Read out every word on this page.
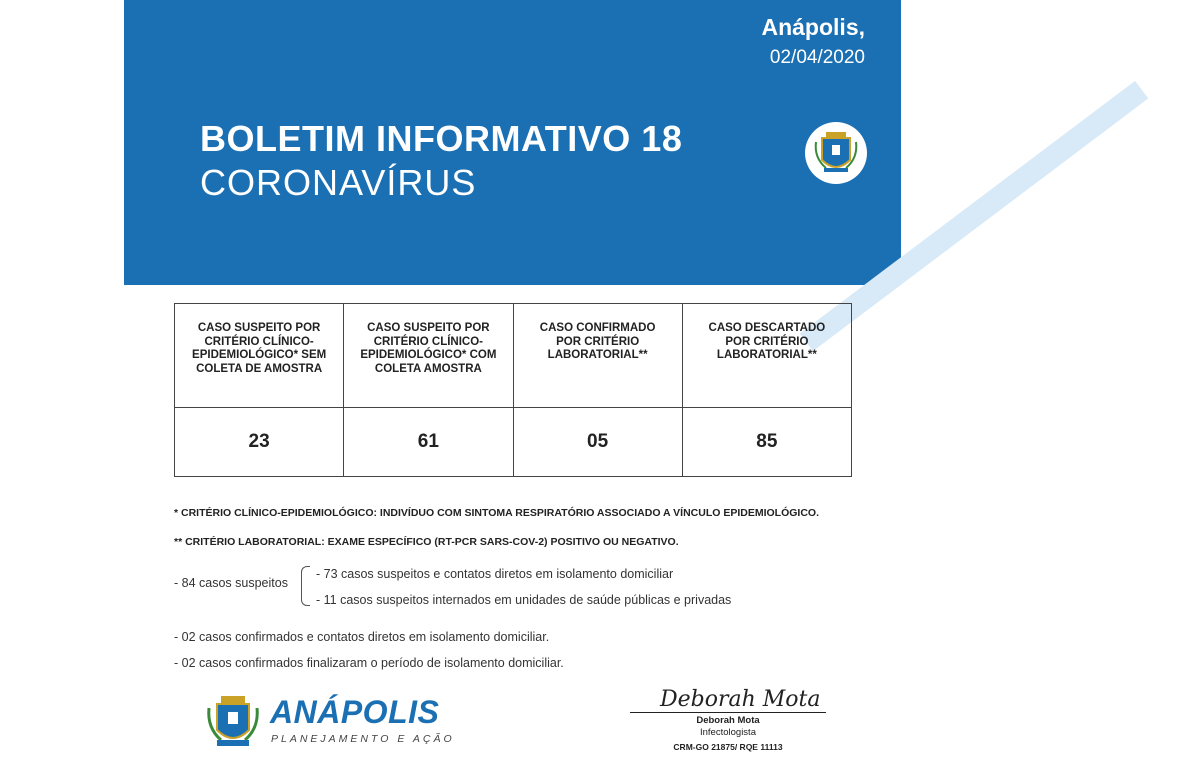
Anápolis,
02/04/2020
BOLETIM INFORMATIVO 18
CORONAVÍRUS
CASO SUSPEITO POR CRITÉRIO CLÍNICO-EPIDEMIOLÓGICO* SEM COLETA DE AMOSTRA	CASO SUSPEITO POR CRITÉRIO CLÍNICO-EPIDEMIOLÓGICO* COM COLETA AMOSTRA	CASO CONFIRMADO POR CRITÉRIO LABORATORIAL**	CASO DESCARTADO POR CRITÉRIO LABORATORIAL**
23	61	05	85
* CRITÉRIO CLÍNICO-EPIDEMIOLÓGICO: INDIVÍDUO COM SINTOMA RESPIRATÓRIO ASSOCIADO A VÍNCULO EPIDEMIOLÓGICO.
** CRITÉRIO LABORATORIAL: EXAME ESPECÍFICO (RT-PCR SARS-COV-2) POSITIVO OU NEGATIVO.
- 84 casos suspeitos
- 73 casos suspeitos e contatos diretos em isolamento domiciliar
- 11 casos suspeitos internados em unidades de saúde públicas e privadas
- 02 casos confirmados e contatos diretos em isolamento domiciliar.
- 02 casos confirmados finalizaram o período de isolamento domiciliar.
ANÁPOLIS
PLANEJAMENTO E AÇÃO
Deborah Mota
Deborah Mota
Infectologista
CRM-GO 21875/ RQE 11113
